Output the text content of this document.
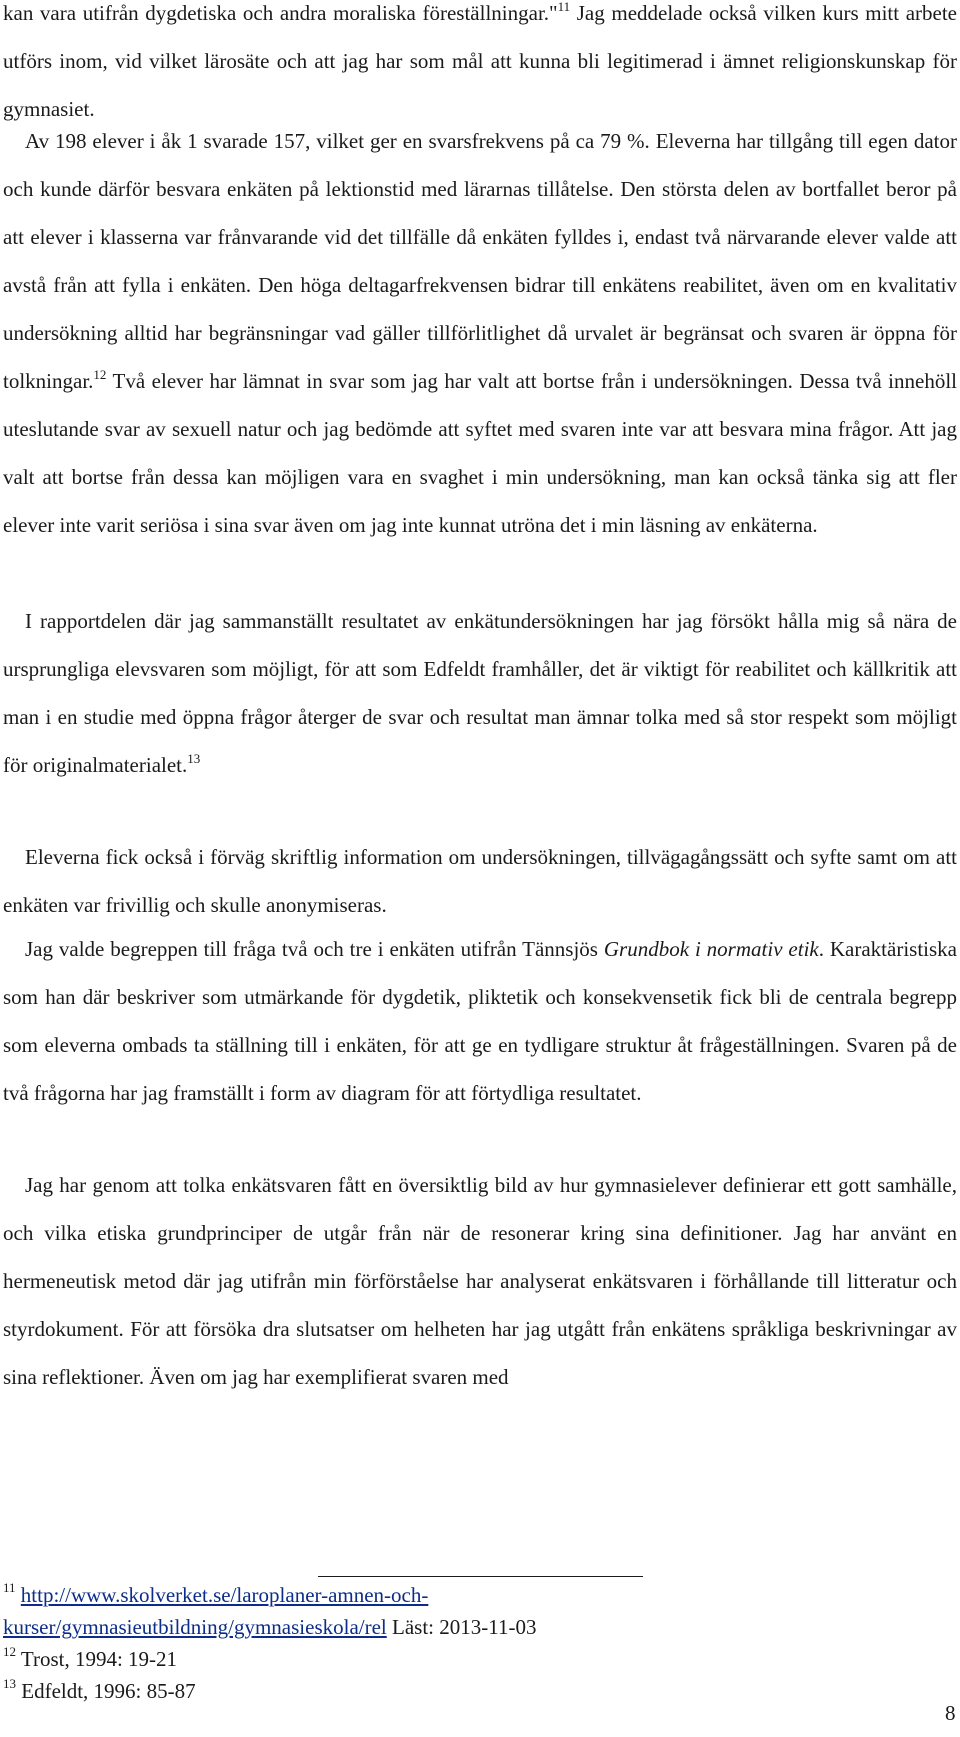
kan vara utifrån dygdetiska och andra moraliska föreställningar."$^{11}$ Jag meddelade också vilken kurs mitt arbete utförs inom, vid vilket lärosäte och att jag har som mål att kunna bli legitimerad i ämnet religionskunskap för gymnasiet.

Av 198 elever i åk 1 svarade 157, vilket ger en svarsfrekvens på ca 79 %. Eleverna har tillgång till egen dator och kunde därför besvara enkäten på lektionstid med lärarnas tillåtelse. Den största delen av bortfallet beror på att elever i klasserna var frånvarande vid det tillfälle då enkäten fylldes i, endast två närvarande elever valde att avstå från att fylla i enkäten. Den höga deltagarfrekvensen bidrar till enkätens reabilitet, även om en kvalitativ undersökning alltid har begränsningar vad gäller tillförlitlighet då urvalet är begränsat och svaren är öppna för tolkningar.$^{12}$ Två elever har lämnat in svar som jag har valt att bortse från i undersökningen. Dessa två innehöll uteslutande svar av sexuell natur och jag bedömde att syftet med svaren inte var att besvara mina frågor. Att jag valt att bortse från dessa kan möjligen vara en svaghet i min undersökning, man kan också tänka sig att fler elever inte varit seriösa i sina svar även om jag inte kunnat utröna det i min läsning av enkäterna.

I rapportdelen där jag sammanställt resultatet av enkätundersökningen har jag försökt hålla mig så nära de ursprungliga elevsvaren som möjligt, för att som Edfeldt framhåller, det är viktigt för reabilitet och källkritik att man i en studie med öppna frågor återger de svar och resultat man ämnar tolka med så stor respekt som möjligt för originalmaterialet.$^{13}$

Eleverna fick också i förväg skriftlig information om undersökningen, tillvägagångssätt och syfte samt om att enkäten var frivillig och skulle anonymiseras.

Jag valde begreppen till fråga två och tre i enkäten utifrån Tännsjös Grundbok i normativ etik. Karaktäristiska som han där beskriver som utmärkande för dygdetik, pliktetik och konsekvensetik fick bli de centrala begrepp som eleverna ombads ta ställning till i enkäten, för att ge en tydligare struktur åt frågeställningen. Svaren på de två frågorna har jag framställt i form av diagram för att förtydliga resultatet.

Jag har genom att tolka enkätsvaren fått en översiktlig bild av hur gymnasielever definierar ett gott samhälle, och vilka etiska grundprinciper de utgår från när de resonerar kring sina definitioner. Jag har använt en hermeneutisk metod där jag utifrån min förförståelse har analyserat enkätsvaren i förhållande till litteratur och styrdokument. För att försöka dra slutsatser om helheten har jag utgått från enkätens språkliga beskrivningar av sina reflektioner. Även om jag har exemplifierat svaren med

$^{11}$ http://www.skolverket.se/laroplaner-amnen-och-
kurser/gymnasieutbildning/gymnasieskola/rel Läst: 2013-11-03

$^{12}$ Trost, 1994: 19-21

$^{13}$ Edfeldt, 1996: 85-87

8
